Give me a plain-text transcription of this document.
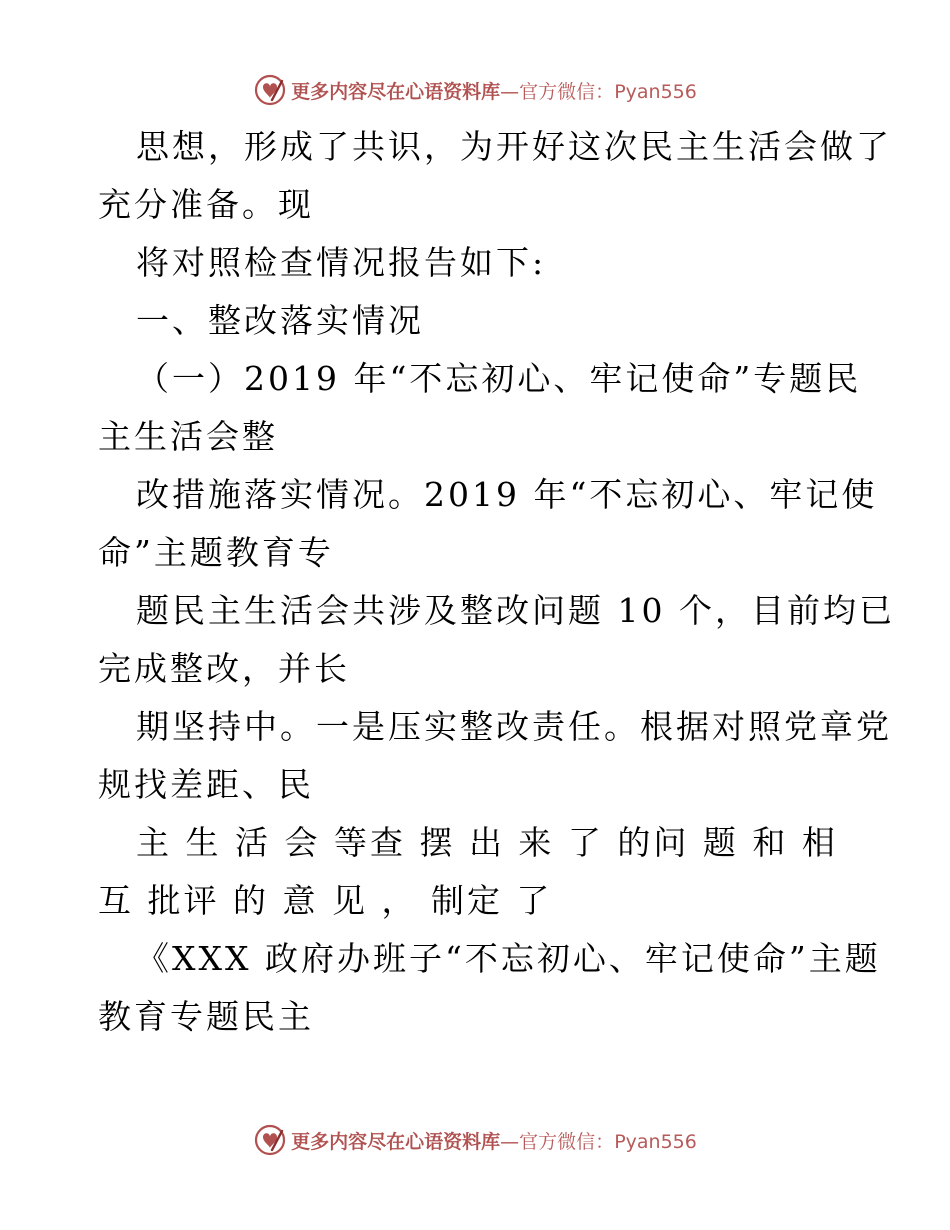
更多内容尽在心语资料库—官方微信：Pyan556
思想，形成了共识，为开好这次民主生活会做了
充分准备。现
将对照检查情况报告如下:
一、整改落实情况
（一）2019 年“不忘初心、牢记使命”专题民
主生活会整
改措施落实情况。2019 年“不忘初心、牢记使
命”主题教育专
题民主生活会共涉及整改问题 10 个，目前均已
完成整改，并长
期坚持中。一是压实整改责任。根据对照党章党
规找差距、民
主 生 活 会 等查 摆 出 来 了 的问 题 和 相
互 批评 的 意 见 ， 制定 了
《XXX 政府办班子“不忘初心、牢记使命”主题
教育专题民主
更多内容尽在心语资料库—官方微信：Pyan556
